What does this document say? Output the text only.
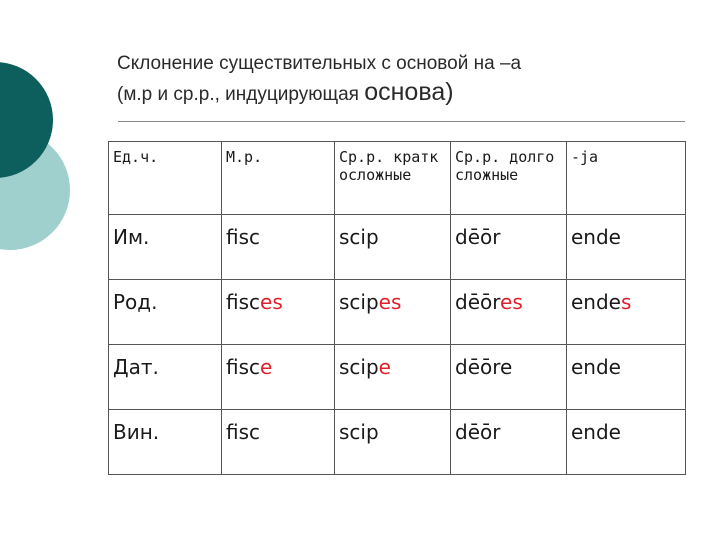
Склонение существительных с основой на –а
(м.р и ср.р., индуцирующая основа)
Ед.ч.	М.р.	Ср.р. краткосложные	Ср.р. долгосложные	-ja

Им.	fisc	scip	dēōr	ende
Род.	fisces	scipes	dēōres	endes
Дат.	fisce	scipe	dēōre	ende
Вин.	fisc	scip	dēōr	ende
